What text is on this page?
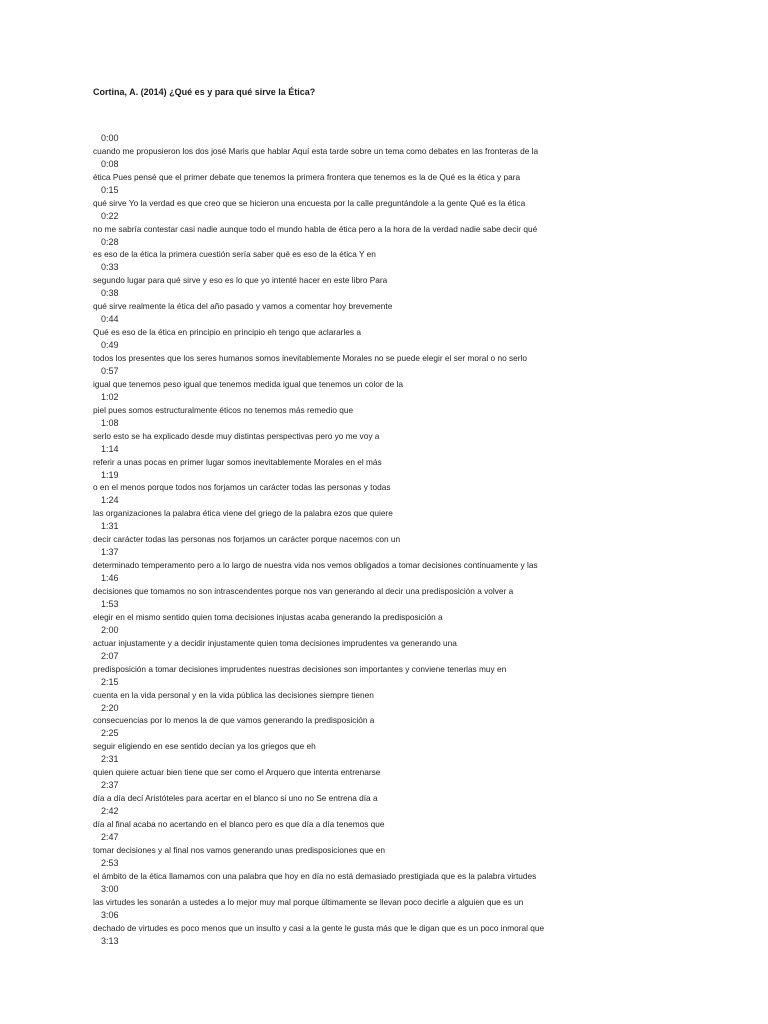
Cortina, A. (2014) ¿Qué es y para qué sirve la Ética?
0:00
cuando me propusieron los dos josé Maris que hablar Aquí esta tarde sobre un tema como debates en las fronteras de la
0:08
ética Pues pensé que el primer debate que tenemos la primera frontera que tenemos es la de Qué es la ética y para
0:15
qué sirve Yo la verdad es que creo que se hicieron una encuesta por la calle preguntándole a la gente Qué es la ética
0:22
no me sabría contestar casi nadie aunque todo el mundo habla de ética pero a la hora de la verdad nadie sabe decir qué
0:28
es eso de la ética la primera cuestión sería saber qué es eso de la ética Y en
0:33
segundo lugar para qué sirve y eso es lo que yo intenté hacer en este libro Para
0:38
qué sirve realmente la ética del año pasado y vamos a comentar hoy brevemente
0:44
Qué es eso de la ética en principio en principio eh tengo que aclararles a
0:49
todos los presentes que los seres humanos somos inevitablemente Morales no se puede elegir el ser moral o no serlo
0:57
igual que tenemos peso igual que tenemos medida igual que tenemos un color de la
1:02
piel pues somos estructuralmente éticos no tenemos más remedio que
1:08
serlo esto se ha explicado desde muy distintas perspectivas pero yo me voy a
1:14
referir a unas pocas en primer lugar somos inevitablemente Morales en el más
1:19
o en el menos porque todos nos forjamos un carácter todas las personas y todas
1:24
las organizaciones la palabra ética viene del griego de la palabra ezos que quiere
1:31
decir carácter todas las personas nos forjamos un carácter porque nacemos con un
1:37
determinado temperamento pero a lo largo de nuestra vida nos vemos obligados a tomar decisiones continuamente y las
1:46
decisiones que tomamos no son intrascendentes porque nos van generando al decir una predisposición a volver a
1:53
elegir en el mismo sentido quien toma decisiones injustas acaba generando la predisposición a
2:00
actuar injustamente y a decidir injustamente quien toma decisiones imprudentes va generando una
2:07
predisposición a tomar decisiones imprudentes nuestras decisiones son importantes y conviene tenerlas muy en
2:15
cuenta en la vida personal y en la vida pública las decisiones siempre tienen
2:20
consecuencias por lo menos la de que vamos generando la predisposición a
2:25
seguir eligiendo en ese sentido decían ya los griegos que eh
2:31
quien quiere actuar bien tiene que ser como el Arquero que intenta entrenarse
2:37
día a día decí Aristóteles para acertar en el blanco si uno no Se entrena día a
2:42
día al final acaba no acertando en el blanco pero es que día a día tenemos que
2:47
tomar decisiones y al final nos vamos generando unas predisposiciones que en
2:53
el ámbito de la ética llamamos con una palabra que hoy en día no está demasiado prestigiada que es la palabra virtudes
3:00
las virtudes les sonarán a ustedes a lo mejor muy mal porque últimamente se llevan poco decirle a alguien que es un
3:06
dechado de virtudes es poco menos que un insulto y casi a la gente le gusta más que le digan que es un poco inmoral que
3:13
